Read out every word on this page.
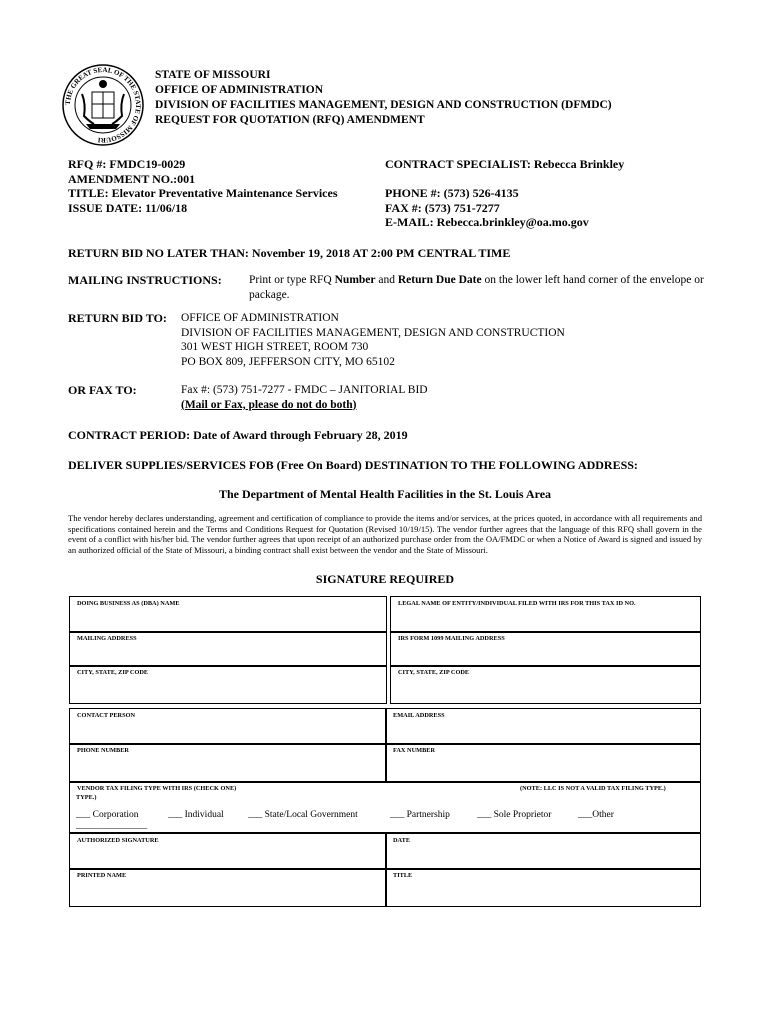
THE GREAT SEAL OF THE STATE OF MISSOURI
STATE OF MISSOURI
OFFICE OF ADMINISTRATION
DIVISION OF FACILITIES MANAGEMENT, DESIGN AND CONSTRUCTION (DFMDC)
REQUEST FOR QUOTATION (RFQ) AMENDMENT
RFQ #: FMDC19-0029
AMENDMENT NO.:001
TITLE: Elevator Preventative Maintenance Services
ISSUE DATE: 11/06/18
CONTRACT SPECIALIST: Rebecca Brinkley
PHONE #: (573) 526-4135
FAX #: (573) 751-7277
E-MAIL: Rebecca.brinkley@oa.mo.gov
RETURN BID NO LATER THAN: November 19, 2018 AT 2:00 PM CENTRAL TIME
MAILING INSTRUCTIONS: Print or type RFQ Number and Return Due Date on the lower left hand corner of the envelope or package.
RETURN BID TO: OFFICE OF ADMINISTRATION
DIVISION OF FACILITIES MANAGEMENT, DESIGN AND CONSTRUCTION
301 WEST HIGH STREET, ROOM 730
PO BOX 809, JEFFERSON CITY, MO 65102
OR FAX TO:	Fax #: (573) 751-7277 - FMDC – JANITORIAL BID
(Mail or Fax, please do not do both)
CONTRACT PERIOD: Date of Award through February 28, 2019
DELIVER SUPPLIES/SERVICES FOB (Free On Board) DESTINATION TO THE FOLLOWING ADDRESS:
The Department of Mental Health Facilities in the St. Louis Area
The vendor hereby declares understanding, agreement and certification of compliance to provide the items and/or services, at the prices quoted, in accordance with all requirements and specifications contained herein and the Terms and Conditions Request for Quotation (Revised 10/19/15). The vendor further agrees that the language of this RFQ shall govern in the event of a conflict with his/her bid. The vendor further agrees that upon receipt of an authorized purchase order from the OA/FMDC or when a Notice of Award is signed and issued by an authorized official of the State of Missouri, a binding contract shall exist between the vendor and the State of Missouri.
SIGNATURE REQUIRED
DOING BUSINESS AS (DBA) NAME	LEGAL NAME OF ENTITY/INDIVIDUAL FILED WITH IRS FOR THIS TAX ID NO.
MAILING ADDRESS	IRS FORM 1099 MAILING ADDRESS
CITY, STATE, ZIP CODE	CITY, STATE, ZIP CODE
CONTACT PERSON	EMAIL ADDRESS
PHONE NUMBER	FAX NUMBER
VENDOR TAX FILING TYPE WITH IRS (CHECK ONE)	(NOTE: LLC IS NOT A VALID TAX FILING TYPE.)
TYPE.)
___ Corporation	___ Individual	___ State/Local Government	___ Partnership	___ Sole Proprietor	___Other
_______________
AUTHORIZED SIGNATURE	DATE
PRINTED NAME	TITLE
